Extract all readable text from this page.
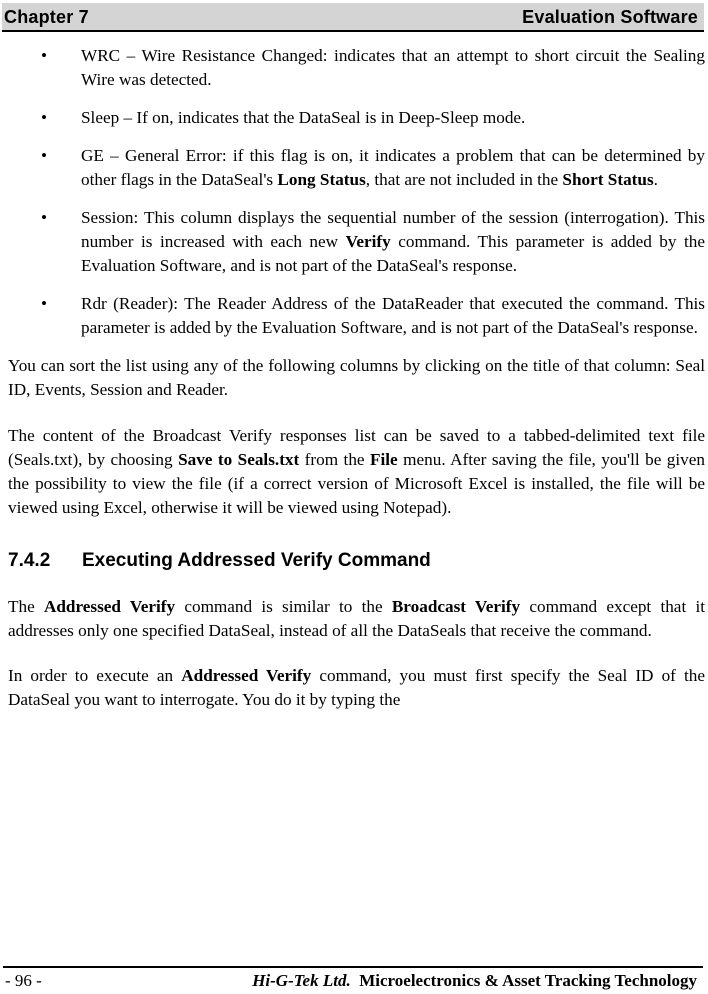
Chapter 7	Evaluation Software
• WRC – Wire Resistance Changed: indicates that an attempt to short circuit the Sealing Wire was detected.
• Sleep – If on, indicates that the DataSeal is in Deep-Sleep mode.
• GE – General Error: if this flag is on, it indicates a problem that can be determined by other flags in the DataSeal's Long Status, that are not included in the Short Status.
• Session: This column displays the sequential number of the session (interrogation). This number is increased with each new Verify command. This parameter is added by the Evaluation Software, and is not part of the DataSeal's response.
• Rdr (Reader): The Reader Address of the DataReader that executed the command. This parameter is added by the Evaluation Software, and is not part of the DataSeal's response.

You can sort the list using any of the following columns by clicking on the title of that column: Seal ID, Events, Session and Reader.

The content of the Broadcast Verify responses list can be saved to a tabbed-delimited text file (Seals.txt), by choosing Save to Seals.txt from the File menu. After saving the file, you'll be given the possibility to view the file (if a correct version of Microsoft Excel is installed, the file will be viewed using Excel, otherwise it will be viewed using Notepad).

7.4.2 Executing Addressed Verify Command

The Addressed Verify command is similar to the Broadcast Verify command except that it addresses only one specified DataSeal, instead of all the DataSeals that receive the command.

In order to execute an Addressed Verify command, you must first specify the Seal ID of the DataSeal you want to interrogate. You do it by typing the

- 96 -	Hi-G-Tek Ltd. Microelectronics & Asset Tracking Technology
